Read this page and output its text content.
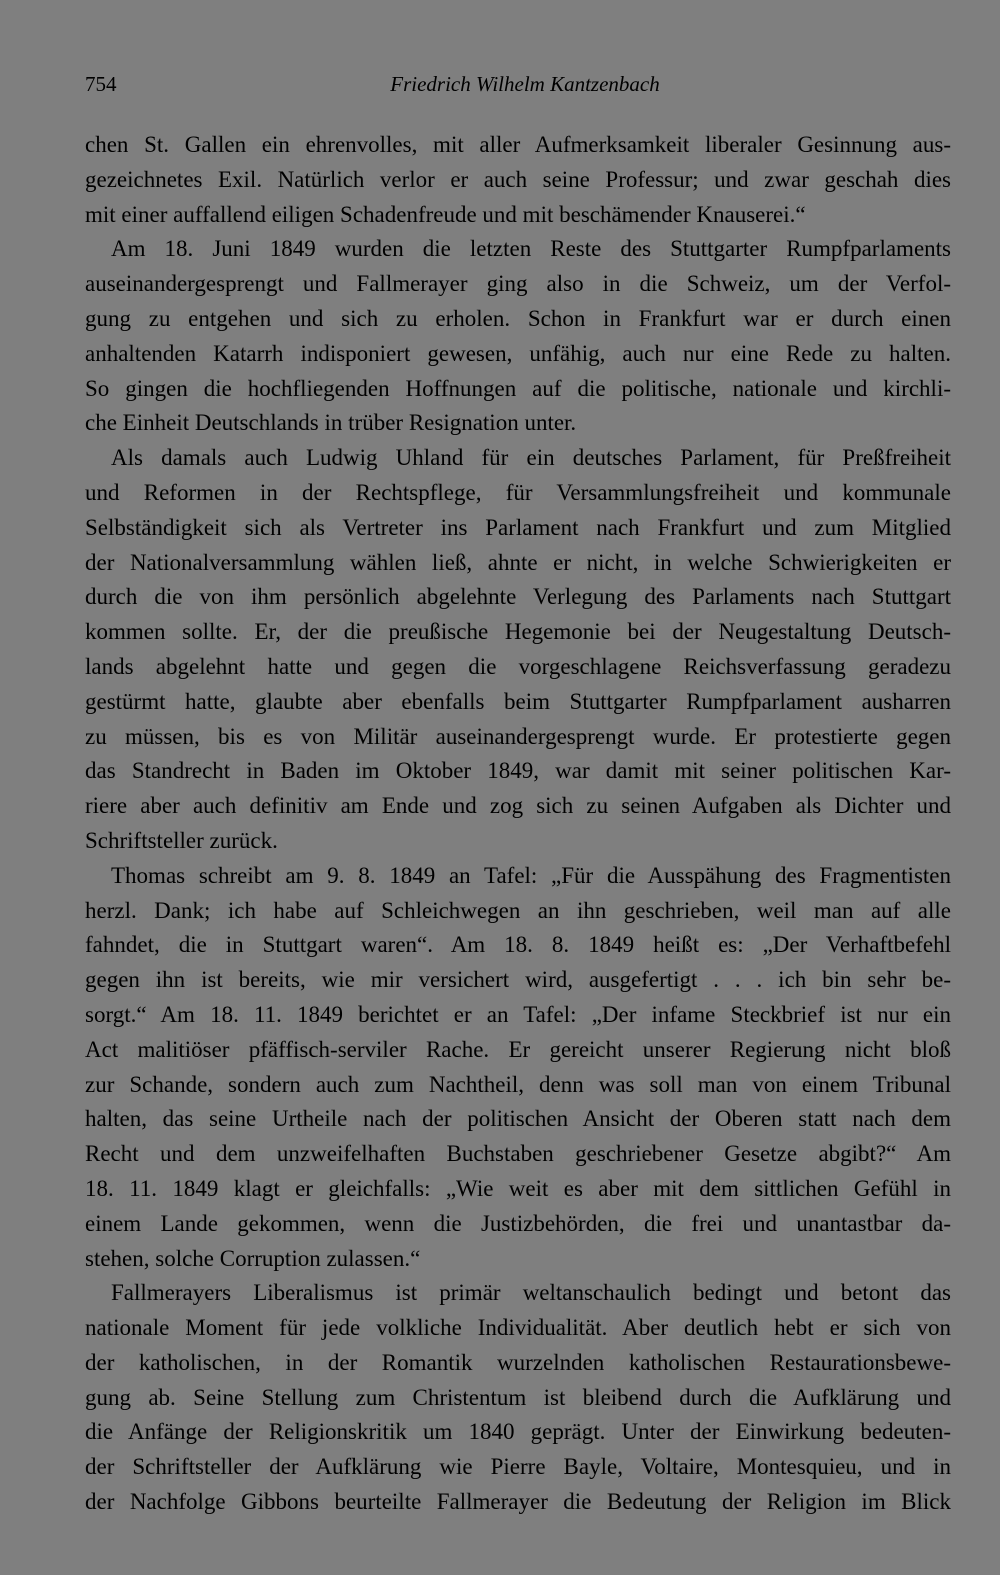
754	Friedrich Wilhelm Kantzenbach
chen St. Gallen ein ehrenvolles, mit aller Aufmerksamkeit liberaler Gesinnung aus-
gezeichnetes Exil. Natürlich verlor er auch seine Professur; und zwar geschah dies
mit einer auffallend eiligen Schadenfreude und mit beschämender Knauserei.“
Am 18. Juni 1849 wurden die letzten Reste des Stuttgarter Rumpfparlaments
auseinandergesprengt und Fallmerayer ging also in die Schweiz, um der Verfol-
gung zu entgehen und sich zu erholen. Schon in Frankfurt war er durch einen
anhaltenden Katarrh indisponiert gewesen, unfähig, auch nur eine Rede zu halten.
So gingen die hochfliegenden Hoffnungen auf die politische, nationale und kirchli-
che Einheit Deutschlands in trüber Resignation unter.
Als damals auch Ludwig Uhland für ein deutsches Parlament, für Preßfreiheit
und Reformen in der Rechtspflege, für Versammlungsfreiheit und kommunale
Selbständigkeit sich als Vertreter ins Parlament nach Frankfurt und zum Mitglied
der Nationalversammlung wählen ließ, ahnte er nicht, in welche Schwierigkeiten er
durch die von ihm persönlich abgelehnte Verlegung des Parlaments nach Stuttgart
kommen sollte. Er, der die preußische Hegemonie bei der Neugestaltung Deutsch-
lands abgelehnt hatte und gegen die vorgeschlagene Reichsverfassung geradezu
gestürmt hatte, glaubte aber ebenfalls beim Stuttgarter Rumpfparlament ausharren
zu müssen, bis es von Militär auseinandergesprengt wurde. Er protestierte gegen
das Standrecht in Baden im Oktober 1849, war damit mit seiner politischen Kar-
riere aber auch definitiv am Ende und zog sich zu seinen Aufgaben als Dichter und
Schriftsteller zurück.
Thomas schreibt am 9. 8. 1849 an Tafel: „Für die Ausspähung des Fragmentisten
herzl. Dank; ich habe auf Schleichwegen an ihn geschrieben, weil man auf alle
fahndet, die in Stuttgart waren“. Am 18. 8. 1849 heißt es: „Der Verhaftbefehl
gegen ihn ist bereits, wie mir versichert wird, ausgefertigt . . . ich bin sehr be-
sorgt.“ Am 18. 11. 1849 berichtet er an Tafel: „Der infame Steckbrief ist nur ein
Act malitiöser pfäffisch-serviler Rache. Er gereicht unserer Regierung nicht bloß
zur Schande, sondern auch zum Nachtheil, denn was soll man von einem Tribunal
halten, das seine Urtheile nach der politischen Ansicht der Oberen statt nach dem
Recht und dem unzweifelhaften Buchstaben geschriebener Gesetze abgibt?“ Am
18. 11. 1849 klagt er gleichfalls: „Wie weit es aber mit dem sittlichen Gefühl in
einem Lande gekommen, wenn die Justizbehörden, die frei und unantastbar da-
stehen, solche Corruption zulassen.“
Fallmerayers Liberalismus ist primär weltanschaulich bedingt und betont das
nationale Moment für jede volkliche Individualität. Aber deutlich hebt er sich von
der katholischen, in der Romantik wurzelnden katholischen Restaurationsbewe-
gung ab. Seine Stellung zum Christentum ist bleibend durch die Aufklärung und
die Anfänge der Religionskritik um 1840 geprägt. Unter der Einwirkung bedeuten-
der Schriftsteller der Aufklärung wie Pierre Bayle, Voltaire, Montesquieu, und in
der Nachfolge Gibbons beurteilte Fallmerayer die Bedeutung der Religion im Blick
